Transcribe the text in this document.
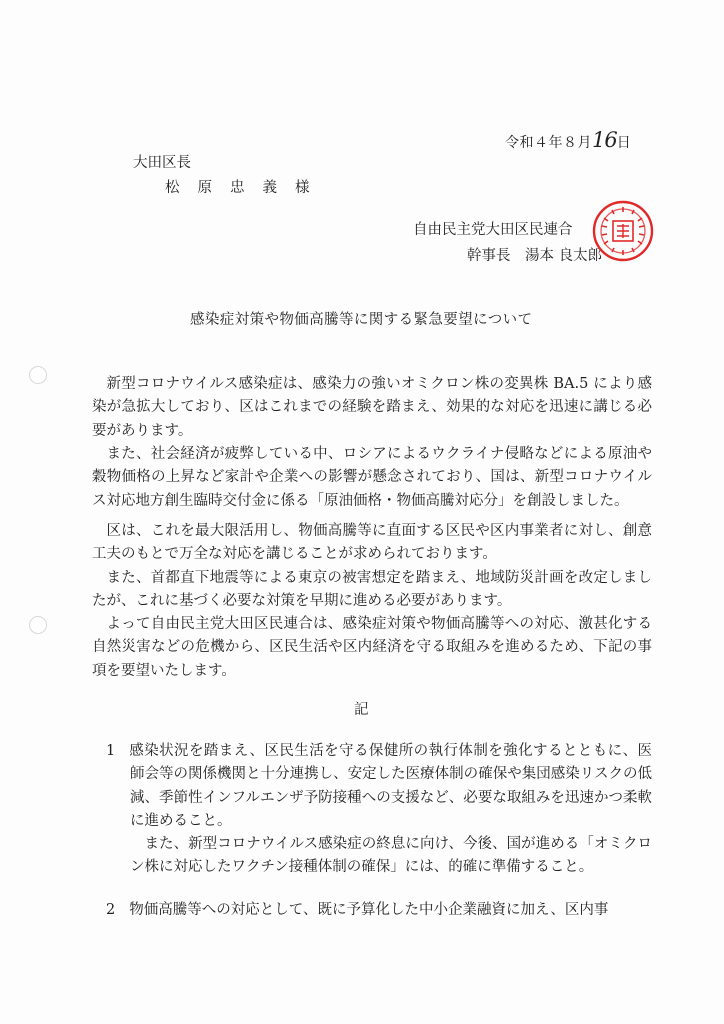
令和４年８月16日
大田区長
松原忠義様
自由民主党大田区民連合
幹事長　湯本 良太郎
感染症対策や物価高騰等に関する緊急要望について

新型コロナウイルス感染症は、感染力の強いオミクロン株の変異株 BA.5 により感染が急拡大しており、区はこれまでの経験を踏まえ、効果的な対応を迅速に講じる必要があります。

また、社会経済が疲弊している中、ロシアによるウクライナ侵略などによる原油や穀物価格の上昇など家計や企業への影響が懸念されており、国は、新型コロナウイルス対応地方創生臨時交付金に係る「原油価格・物価高騰対応分」を創設しました。

区は、これを最大限活用し、物価高騰等に直面する区民や区内事業者に対し、創意工夫のもとで万全な対応を講じることが求められております。

また、首都直下地震等による東京の被害想定を踏まえ、地域防災計画を改定しましたが、これに基づく必要な対策を早期に進める必要があります。

よって自由民主党大田区民連合は、感染症対策や物価高騰等への対応、激甚化する自然災害などの危機から、区民生活や区内経済を守る取組みを進めるため、下記の事項を要望いたします。

記
1 感染状況を踏まえ、区民生活を守る保健所の執行体制を強化するとともに、医師会等の関係機関と十分連携し、安定した医療体制の確保や集団感染リスクの低減、季節性インフルエンザ予防接種への支援など、必要な取組みを迅速かつ柔軟に進めること。
また、新型コロナウイルス感染症の終息に向け、今後、国が進める「オミクロン株に対応したワクチン接種体制の確保」には、的確に準備すること。
2 物価高騰等への対応として、既に予算化した中小企業融資に加え、区内事
